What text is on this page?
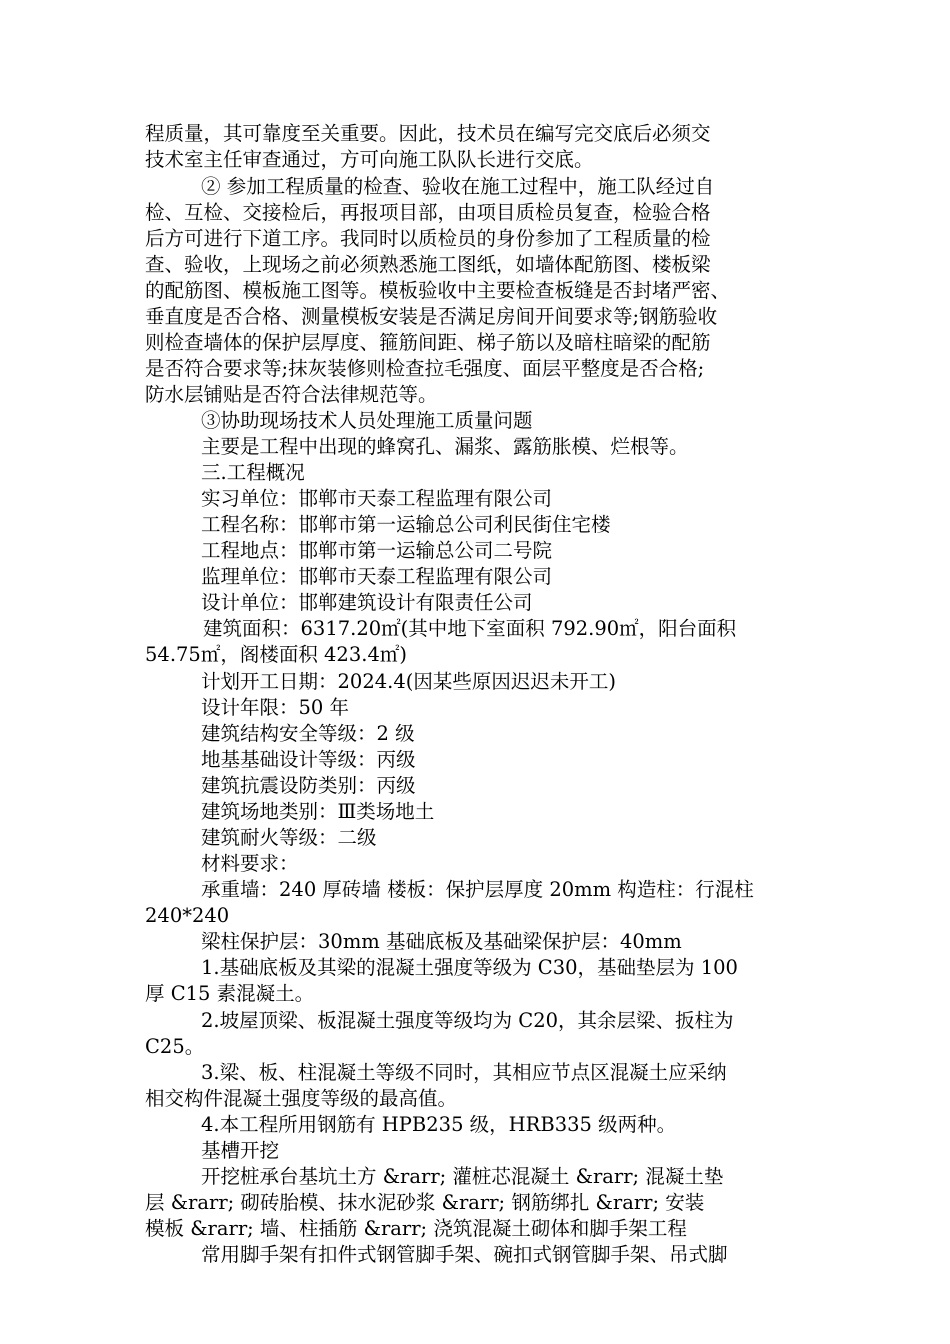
程质量，其可靠度至关重要。因此，技术员在编写完交底后必须交
技术室主任审查通过，方可向施工队队长进行交底。
② 参加工程质量的检查、验收在施工过程中，施工队经过自
检、互检、交接检后，再报项目部，由项目质检员复查，检验合格
后方可进行下道工序。我同时以质检员的身份参加了工程质量的检
查、验收，上现场之前必须熟悉施工图纸，如墙体配筋图、楼板梁
的配筋图、模板施工图等。模板验收中主要检查板缝是否封堵严密、
垂直度是否合格、测量模板安装是否满足房间开间要求等;钢筋验收
则检查墙体的保护层厚度、箍筋间距、梯子筋以及暗柱暗梁的配筋
是否符合要求等;抹灰装修则检查拉毛强度、面层平整度是否合格;
防水层铺贴是否符合法律规范等。
③协助现场技术人员处理施工质量问题
主要是工程中出现的蜂窝孔、漏浆、露筋胀模、烂根等。
三.工程概况
实习单位：邯郸市天泰工程监理有限公司
工程名称：邯郸市第一运输总公司利民街住宅楼
工程地点：邯郸市第一运输总公司二号院
监理单位：邯郸市天泰工程监理有限公司
设计单位：邯郸建筑设计有限责任公司
建筑面积：6317.20㎡(其中地下室面积 792.90㎡，阳台面积
54.75㎡，阁楼面积 423.4㎡)
计划开工日期：2024.4(因某些原因迟迟未开工)
设计年限：50 年
建筑结构安全等级：2 级
地基基础设计等级：丙级
建筑抗震设防类别：丙级
建筑场地类别：Ⅲ类场地土
建筑耐火等级：二级
材料要求：
承重墙：240 厚砖墙 楼板：保护层厚度 20mm 构造柱：行混柱
240*240
梁柱保护层：30mm 基础底板及基础梁保护层：40mm
1.基础底板及其梁的混凝土强度等级为 C30，基础垫层为 100
厚 C15 素混凝土。
2.坡屋顶梁、板混凝土强度等级均为 C20，其余层梁、扳柱为
C25。
3.梁、板、柱混凝土等级不同时，其相应节点区混凝土应采纳
相交构件混凝土强度等级的最高值。
4.本工程所用钢筋有 HPB235 级，HRB335 级两种。
基槽开挖
开挖桩承台基坑土方 &rarr; 灌桩芯混凝土 &rarr; 混凝土垫
层 &rarr; 砌砖胎模、抹水泥砂浆 &rarr; 钢筋绑扎 &rarr; 安装
模板 &rarr; 墙、柱插筋 &rarr; 浇筑混凝土砌体和脚手架工程
常用脚手架有扣件式钢管脚手架、碗扣式钢管脚手架、吊式脚
